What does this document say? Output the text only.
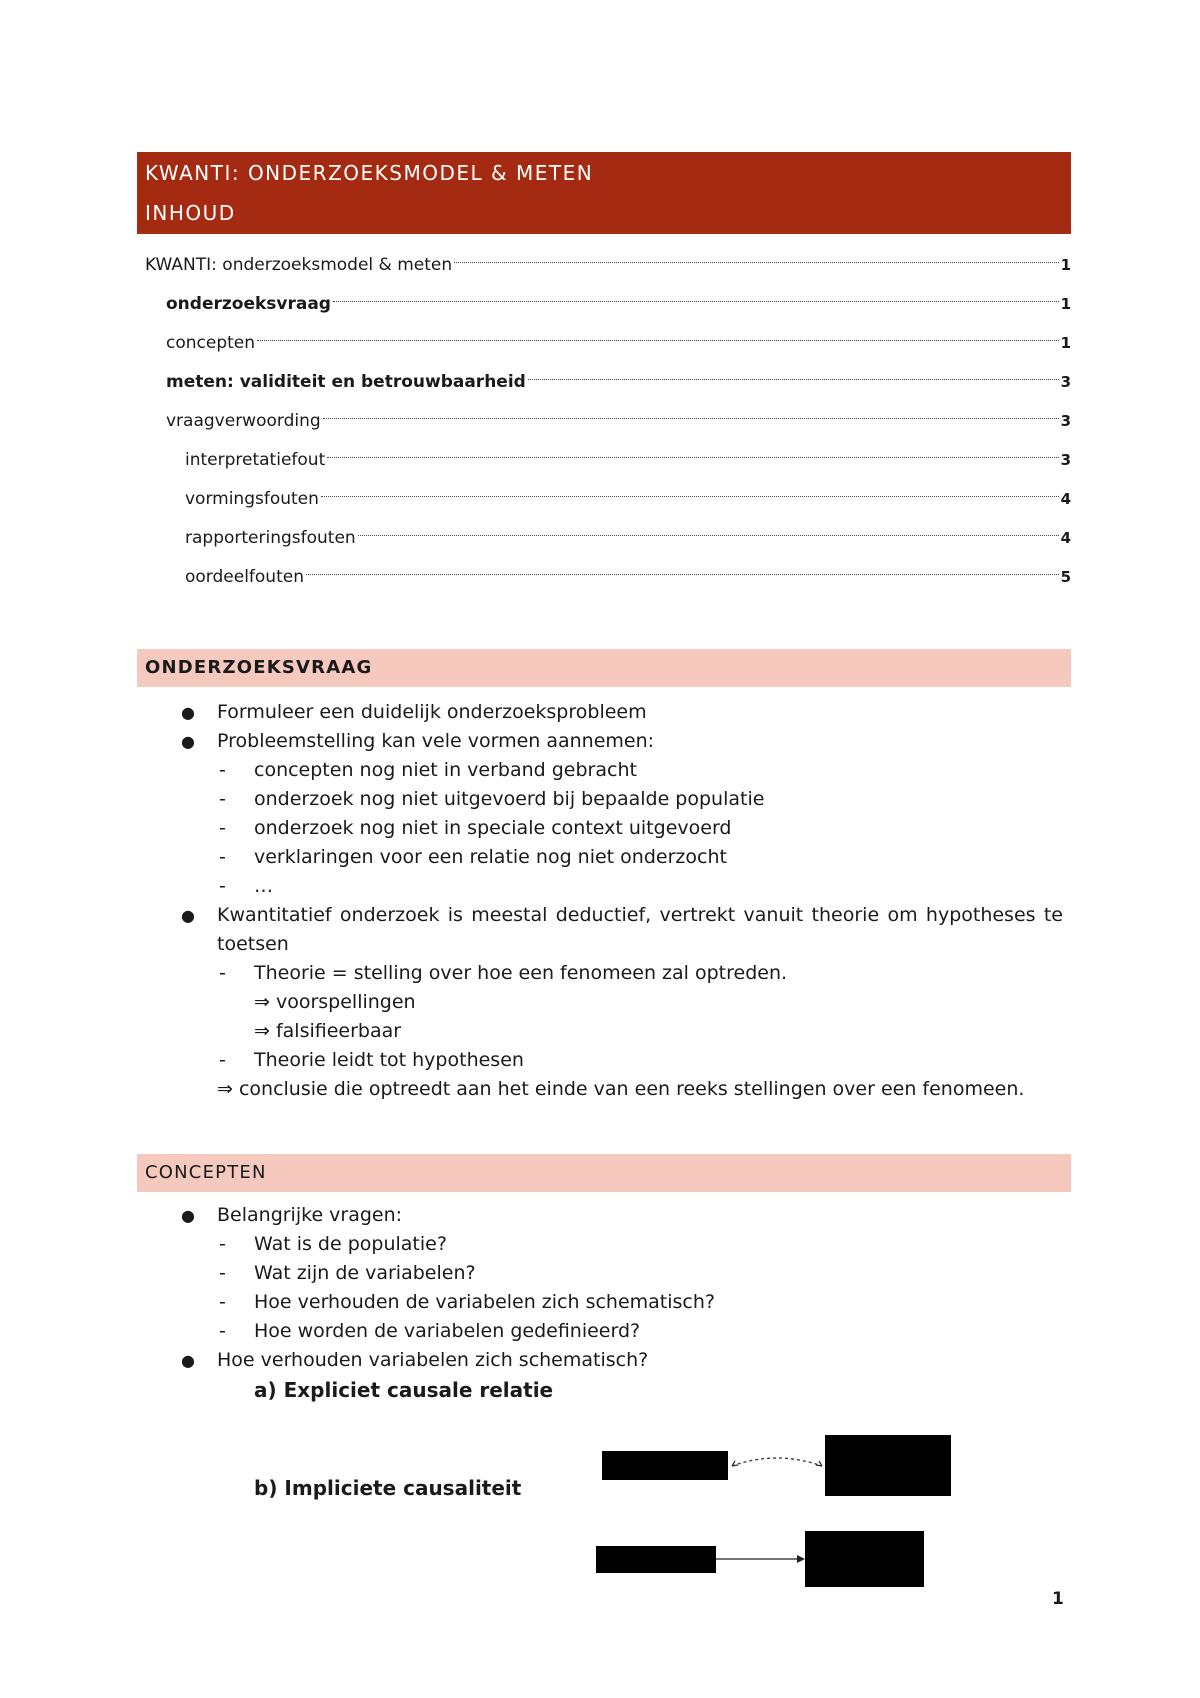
KWANTI: ONDERZOEKSMODEL & METEN
INHOUD
KWANTI: onderzoeksmodel & meten	1
onderzoeksvraag	1
concepten	1
meten: validiteit en betrouwbaarheid	3
vraagverwoording	3
interpretatiefout	3
vormingsfouten	4
rapporteringsfouten	4
oordeelfouten	5
ONDERZOEKSVRAAG
● Formuleer een duidelijk onderzoeksprobleem
● Probleemstelling kan vele vormen aannemen:
- concepten nog niet in verband gebracht
- onderzoek nog niet uitgevoerd bij bepaalde populatie
- onderzoek nog niet in speciale context uitgevoerd
- verklaringen voor een relatie nog niet onderzocht
- …
● Kwantitatief onderzoek is meestal deductief, vertrekt vanuit theorie om hypotheses te toetsen
- Theorie = stelling over hoe een fenomeen zal optreden.
⇒ voorspellingen
⇒ falsifieerbaar
- Theorie leidt tot hypothesen
⇒ conclusie die optreedt aan het einde van een reeks stellingen over een fenomeen.
CONCEPTEN
● Belangrijke vragen:
- Wat is de populatie?
- Wat zijn de variabelen?
- Hoe verhouden de variabelen zich schematisch?
- Hoe worden de variabelen gedefinieerd?
● Hoe verhouden variabelen zich schematisch?
a) Expliciet causale relatie
b) Impliciete causaliteit
1
